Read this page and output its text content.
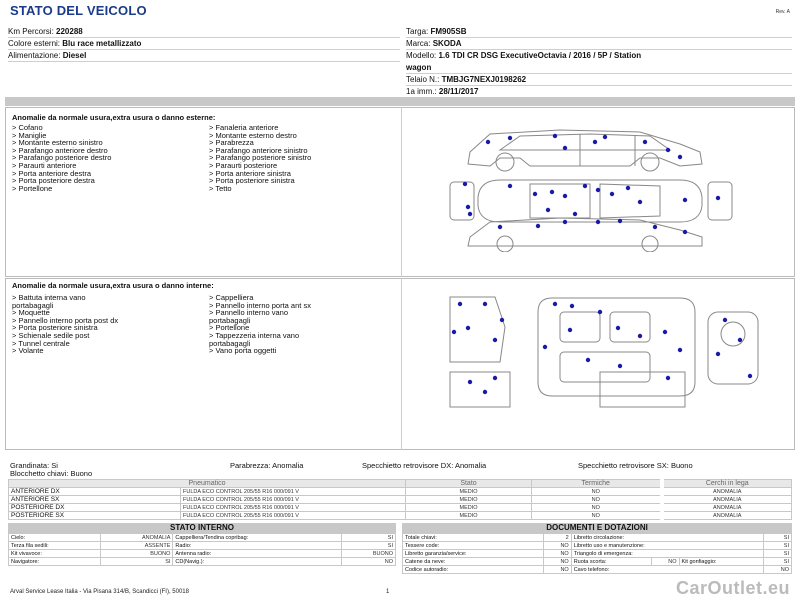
STATO DEL VEICOLO	Rev. A
Km Percorsi: 220288
Colore esterni: Blu race metallizzato
Alimentazione: Diesel
Targa: FM905SB
Marca: SKODA
Modello: 1.6 TDI CR DSG ExecutiveOctavia / 2016 / 5P / Station
wagon
Telaio N.: TMBJG7NEXJ0198262
1a imm.: 28/11/2017
Anomalie da normale usura,extra usura o danno esterne:
> Cofano
> Maniglie
> Montante esterno sinistro
> Parafango anteriore destro
> Parafango posteriore destro
> Paraurti anteriore
> Porta anteriore destra
> Porta posteriore destra
> Portellone
> Fanaleria anteriore
> Montante esterno destro
> Parabrezza
> Parafango anteriore sinistro
> Parafango posteriore sinistro
> Paraurti posteriore
> Porta anteriore sinistra
> Porta posteriore sinistra
> Tetto
Anomalie da normale usura,extra usura o danno interne:
> Battuta interna vano
portabagagli
> Moquette
> Pannello interno porta post dx
> Porta posteriore sinistra
> Schienale sedile post
> Tunnel centrale
> Volante
> Cappelliera
> Pannello interno porta ant sx
> Pannello interno vano
portabagagli
> Portellone
> Tappezzeria interna vano
portabagagli
> Vano porta oggetti
Grandinata: Si	Parabrezza: Anomalia	Specchietto retrovisore DX: Anomalia	Specchietto retrovisore SX: Buono
Blocchetto chiavi: Buono
Pneumatico		Stato	Termiche	Cerchi in lega
ANTERIORE DX	FULDA ECO CONTROL 205/55 R16 000/091 V	MEDIO	NO	ANOMALIA
ANTERIORE SX	FULDA ECO CONTROL 205/55 R16 000/091 V	MEDIO	NO	ANOMALIA
POSTERIORE DX	FULDA ECO CONTROL 205/55 R16 000/091 V	MEDIO	NO	ANOMALIA
POSTERIORE SX	FULDA ECO CONTROL 205/55 R16 000/091 V	MEDIO	NO	ANOMALIA
STATO INTERNO
Cielo:	ANOMALIA	Cappelliera/Tendina copribag:	SI
Terza fila sedili:	ASSENTE	Radio:	SI
Kit vivavoce:	BUONO	Antenna radio:	BUONO
Navigatore:	SI	CD(Navig.):	NO
DOCUMENTI E DOTAZIONI
Totale chiavi:	2	Libretto circolazione:			SI
Tessere code:	NO	Libretto uso e manutenzione:			SI
Libretto garanzia/service:	NO	Triangolo di emergenza:			SI
Catene da neve:	NO	Ruota scorta:	NO	Kit gonfiaggio:	SI
Codice autoradio:	NO	Cavo telefono:			NO
Arval Service Lease Italia - Via Pisana 314/B, Scandicci (FI), 50018	1	CarOutlet.eu
